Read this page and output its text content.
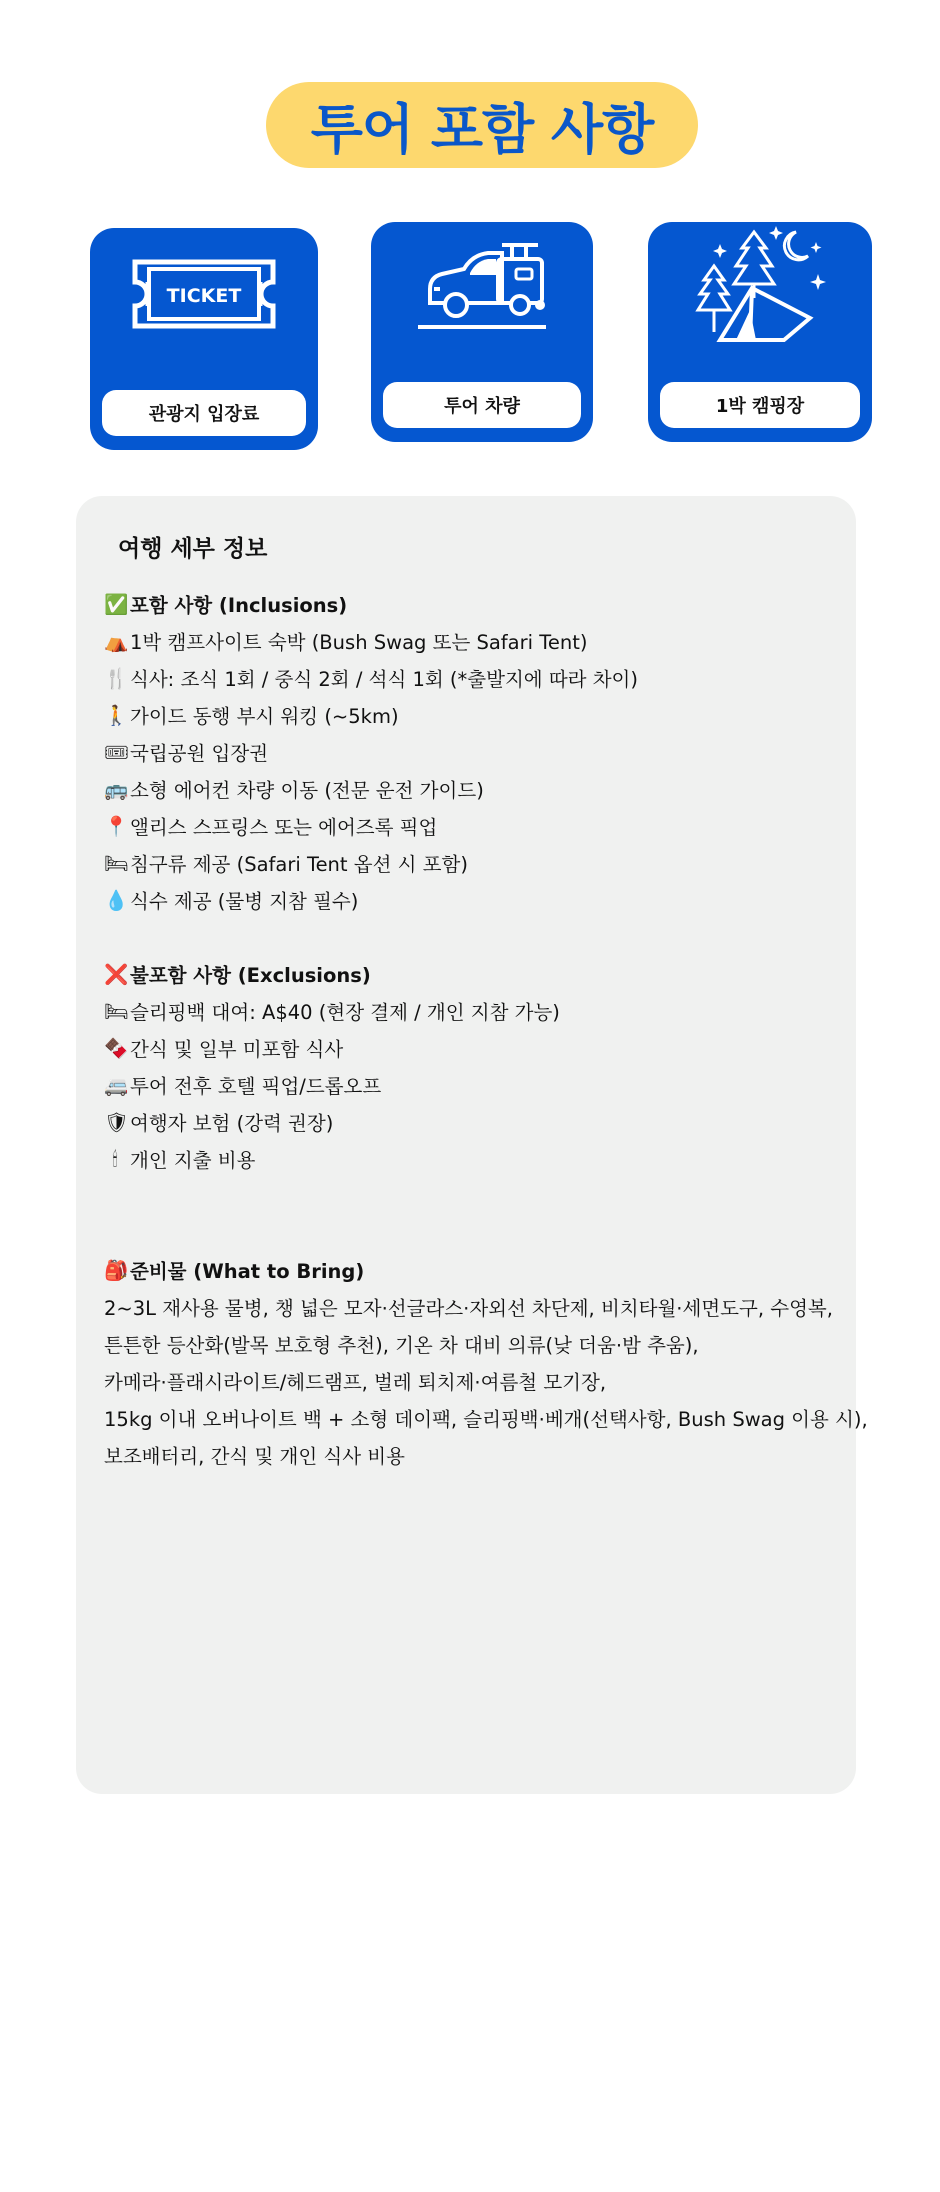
투어 포함 사항
TICKET
관광지 입장료	투어 차량	1박 캠핑장
여행 세부 정보
✅ 포함 사항 (Inclusions)
⛺ 1박 캠프사이트 숙박 (Bush Swag 또는 Safari Tent)
🍴 식사: 조식 1회 / 중식 2회 / 석식 1회 (*출발지에 따라 차이)
🚶 가이드 동행 부시 워킹 (~5km)
🎟 국립공원 입장권
🚌 소형 에어컨 차량 이동 (전문 운전 가이드)
📍 앨리스 스프링스 또는 에어즈록 픽업
🛏 침구류 제공 (Safari Tent 옵션 시 포함)
💧 식수 제공 (물병 지참 필수)
❌ 불포함 사항 (Exclusions)
🛏 슬리핑백 대여: A$40 (현장 결제 / 개인 지참 가능)
🍫 간식 및 일부 미포함 식사
🚐 투어 전후 호텔 픽업/드롭오프
🛡 여행자 보험 (강력 권장)
🕯 개인 지출 비용
🎒 준비물 (What to Bring)
2~3L 재사용 물병, 챙 넓은 모자·선글라스·자외선 차단제, 비치타월·세면도구, 수영복,
튼튼한 등산화(발목 보호형 추천), 기온 차 대비 의류(낮 더움·밤 추움),
카메라·플래시라이트/헤드램프, 벌레 퇴치제·여름철 모기장,
15kg 이내 오버나이트 백 + 소형 데이팩, 슬리핑백·베개(선택사항, Bush Swag 이용 시),
보조배터리, 간식 및 개인 식사 비용
